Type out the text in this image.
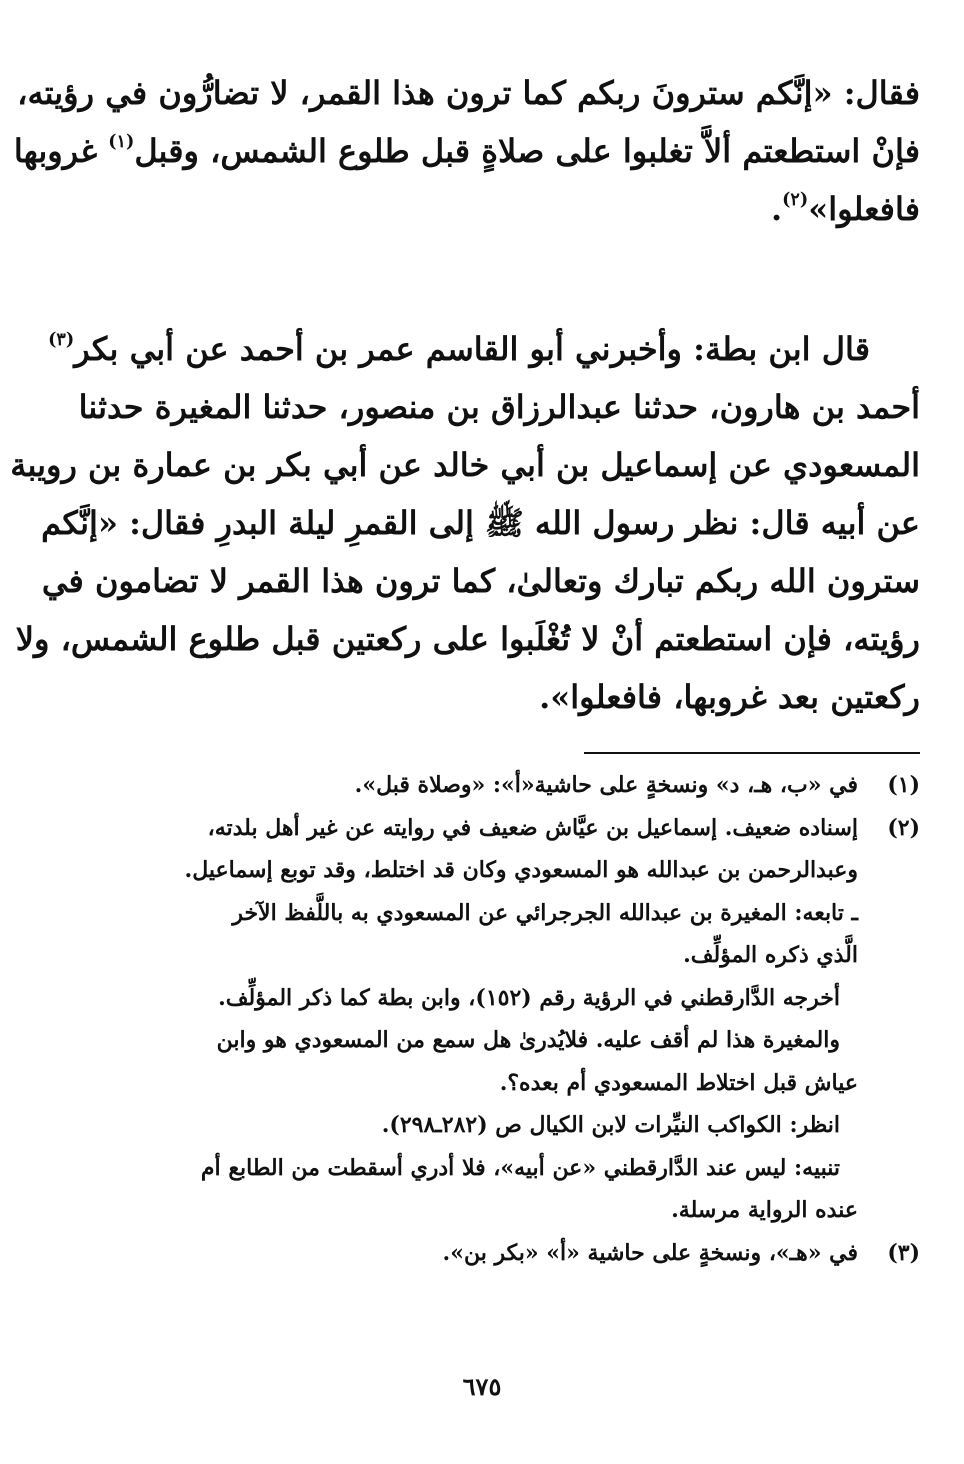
فقال: «إنَّكم سترونَ ربكم كما ترون هذا القمر، لا تضارُّون في رؤيته،
فإنْ استطعتم ألاَّ تغلبوا على صلاةٍ قبل طلوع الشمس، وقبل$^{(١)}$ غروبها
فافعلوا»$^{(٢)}$.
قال ابن بطة: وأخبرني أبو القاسم عمر بن أحمد عن أبي بكر$^{(٣)}$
أحمد بن هارون، حدثنا عبدالرزاق بن منصور، حدثنا المغيرة حدثنا
المسعودي عن إسماعيل بن أبي خالد عن أبي بكر بن عمارة بن رويبة
عن أبيه قال: نظر رسول الله ﷺ إلى القمرِ ليلة البدرِ فقال: «إنَّكم
سترون الله ربكم تبارك وتعالىٰ، كما ترون هذا القمر لا تضامون في
رؤيته، فإن استطعتم أنْ لا تُغْلَبوا على ركعتين قبل طلوع الشمس، ولا
ركعتين بعد غروبها، فافعلوا».
(١)
في «ب، هـ، د» ونسخةٍ على حاشية«أ»: «وصلاة قبل».
(٢)
إسناده ضعيف. إسماعيل بن عيَّاش ضعيف في روايته عن غير أهل بلدته،
وعبدالرحمن بن عبدالله هو المسعودي وكان قد اختلط، وقد توبع إسماعيل.
ـ تابعه: المغيرة بن عبدالله الجرجرائي عن المسعودي به باللَّفظ الآخر
الَّذي ذكره المؤلِّف.
أخرجه الدَّارقطني في الرؤية رقم (١٥٢)، وابن بطة كما ذكر المؤلِّف.
والمغيرة هذا لم أقف عليه. فلايُدرىٰ هل سمع من المسعودي هو وابن
عياش قبل اختلاط المسعودي أم بعده؟.
انظر: الكواكب النيِّرات لابن الكيال ص (٢٨٢ـ٢٩٨).
تنبيه: ليس عند الدَّارقطني «عن أبيه»، فلا أدري أسقطت من الطابع أم
عنده الرواية مرسلة.
(٣)
في «هـ»، ونسخةٍ على حاشية «أ» «بكر بن».
٦٧٥
